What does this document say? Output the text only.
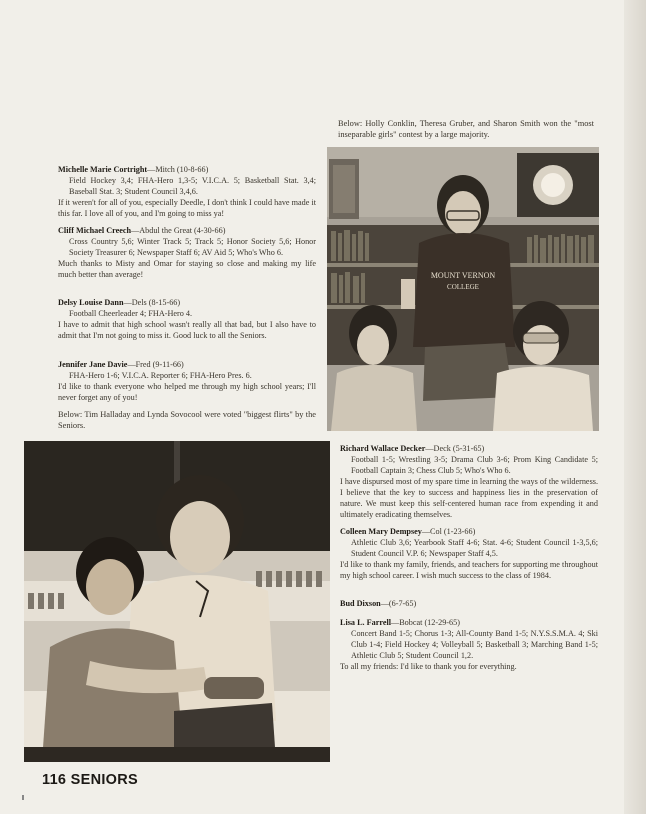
Below: Holly Conklin, Theresa Gruber, and Sharon Smith won the "most inseparable girls" contest by a large majority.
MOUNT VERNON
COLLEGE
Michelle Marie Cortright—Mitch (10-8-66)
Field Hockey 3,4; FHA-Hero 1,3-5; V.I.C.A. 5; Basketball Stat. 3,4; Baseball Stat. 3; Student Council 3,4,6.
If it weren't for all of you, especially Deedle, I don't think I could have made it this far. I love all of you, and I'm going to miss ya!
Cliff Michael Creech—Abdul the Great (4-30-66)
Cross Country 5,6; Winter Track 5; Track 5; Honor Society 5,6; Honor Society Treasurer 6; Newspaper Staff 6; AV Aid 5; Who's Who 6.
Much thanks to Misty and Omar for staying so close and making my life much better than average!
Delsy Louise Dann—Dels (8-15-66)
Football Cheerleader 4; FHA-Hero 4.
I have to admit that high school wasn't really all that bad, but I also have to admit that I'm not going to miss it. Good luck to all the Seniors.
Jennifer Jane Davie—Fred (9-11-66)
FHA-Hero 1-6; V.I.C.A. Reporter 6; FHA-Hero Pres. 6.
I'd like to thank everyone who helped me through my high school years; I'll never forget any of you!
Below: Tim Halladay and Lynda Sovocool were voted "biggest flirts" by the Seniors.
Richard Wallace Decker—Deck (5-31-65)
Football 1-5; Wrestling 3-5; Drama Club 3-6; Prom King Candidate 5; Football Captain 3; Chess Club 5; Who's Who 6.
I have dispursed most of my spare time in learning the ways of the wilderness. I believe that the key to success and happiness lies in the preservation of nature. We must keep this self-centered human race from expending it and ultimately eradicating themselves.
Colleen Mary Dempsey—Col (1-23-66)
Athletic Club 3,6; Yearbook Staff 4-6; Stat. 4-6; Student Council 1-3,5,6; Student Council V.P. 6; Newspaper Staff 4,5.
I'd like to thank my family, friends, and teachers for supporting me throughout my high school career. I wish much success to the class of 1984.
Bud Dixson—(6-7-65)
Lisa L. Farrell—Bobcat (12-29-65)
Concert Band 1-5; Chorus 1-3; All-County Band 1-5; N.Y.S.S.M.A. 4; Ski Club 1-4; Field Hockey 4; Volleyball 5; Basketball 3; Marching Band 1-5; Athletic Club 5; Student Council 1,2.
To all my friends: I'd like to thank you for everything.
116 SENIORS
